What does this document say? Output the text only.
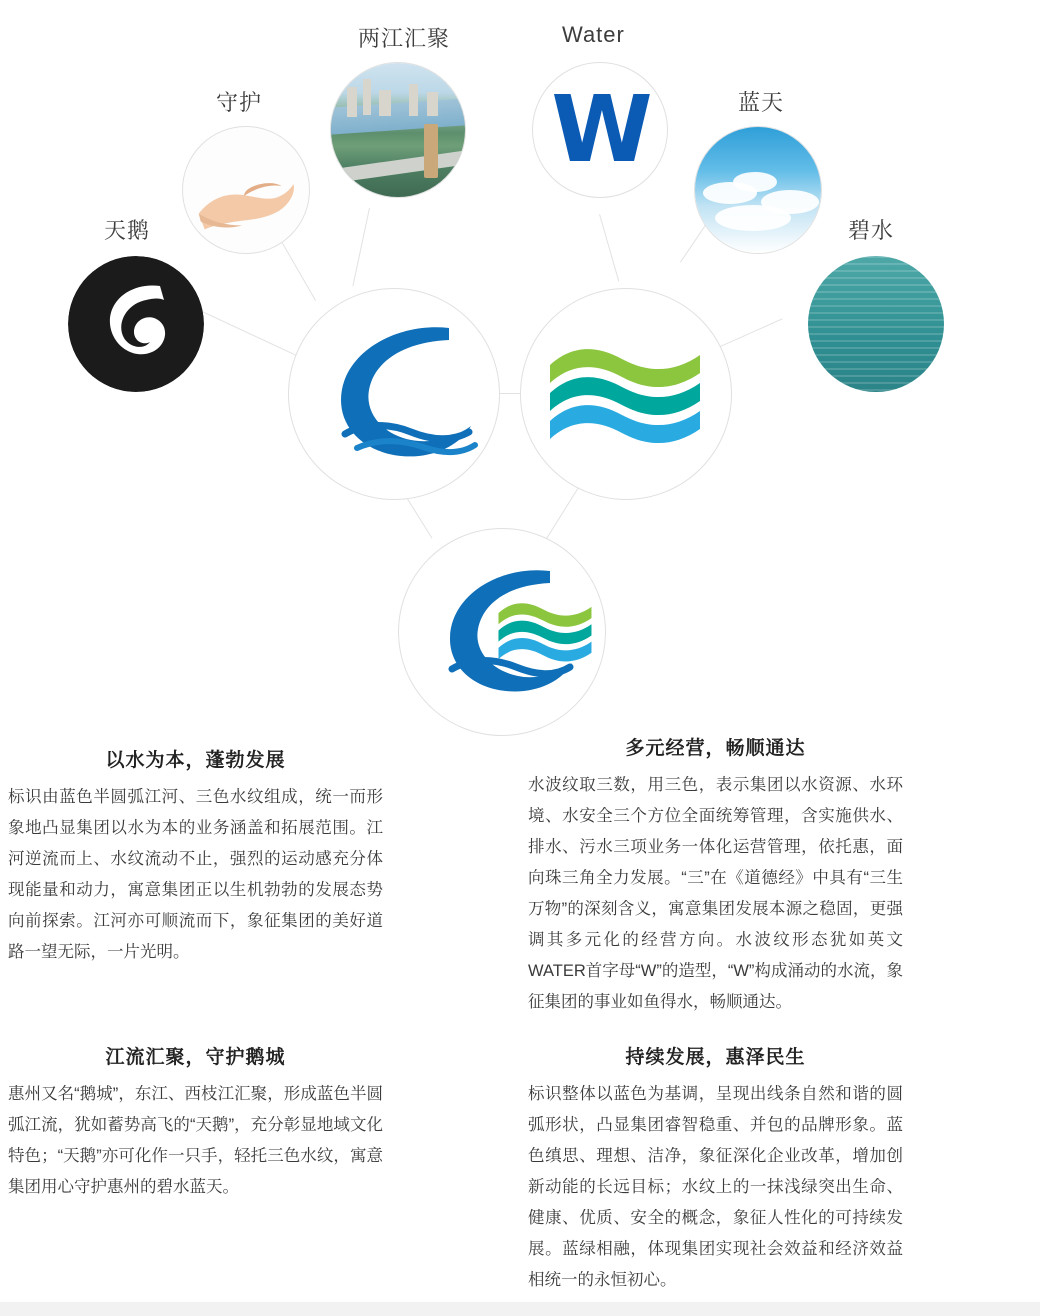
天鹅
守护
两江汇聚	Water
蓝天
碧水
W
以水为本，蓬勃发展
标识由蓝色半圆弧江河、三色水纹组成，统一而形象地凸显集团以水为本的业务涵盖和拓展范围。江河逆流而上、水纹流动不止，强烈的运动感充分体现能量和动力，寓意集团正以生机勃勃的发展态势向前探索。江河亦可顺流而下，象征集团的美好道路一望无际，一片光明。
多元经营，畅顺通达
水波纹取三数，用三色，表示集团以水资源、水环境、水安全三个方位全面统筹管理，含实施供水、排水、污水三项业务一体化运营管理，依托惠，面向珠三角全力发展。“三”在《道德经》中具有“三生万物”的深刻含义，寓意集团发展本源之稳固，更强调其多元化的经营方向。水波纹形态犹如英文WATER首字母“W”的造型，“W”构成涌动的水流，象征集团的事业如鱼得水，畅顺通达。
江流汇聚，守护鹅城
惠州又名“鹅城”，东江、西枝江汇聚，形成蓝色半圆弧江流，犹如蓄势高飞的“天鹅”，充分彰显地域文化特色；“天鹅”亦可化作一只手，轻托三色水纹，寓意集团用心守护惠州的碧水蓝天。
持续发展，惠泽民生
标识整体以蓝色为基调，呈现出线条自然和谐的圆弧形状，凸显集团睿智稳重、并包的品牌形象。蓝色缜思、理想、洁净，象征深化企业改革，增加创新动能的长远目标；水纹上的一抹浅绿突出生命、健康、优质、安全的概念，象征人性化的可持续发展。蓝绿相融，体现集团实现社会效益和经济效益相统一的永恒初心。
